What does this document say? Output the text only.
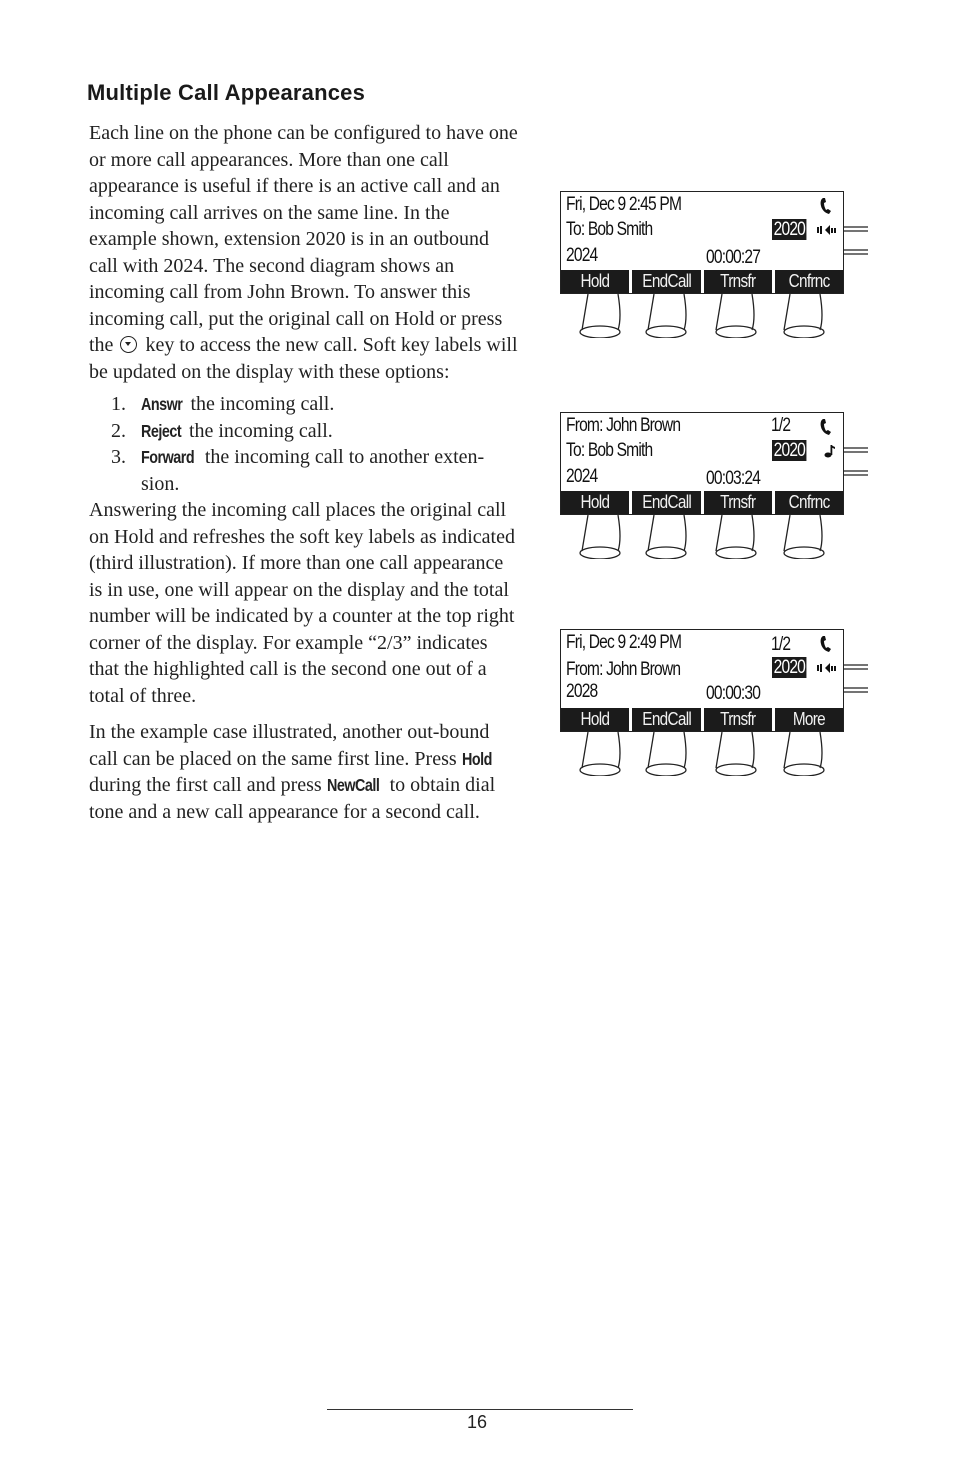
Multiple Call Appearances

Each line on the phone can be configured to have one or more call appearances. More than one call appearance is useful if there is an active call and an incoming call arrives on the same line. In the example shown, extension 2020 is in an outbound call with 2024. The second diagram shows an incoming call from John Brown. To answer this incoming call, put the original call on Hold or press the key to access the new call. Soft key labels will be updated on the display with these options:

1. Answr the incoming call.
2. Reject the incoming call.
3. Forward the incoming call to another exten-sion.

Answering the incoming call places the original call on Hold and refreshes the soft key labels as indicated (third illustration). If more than one call appearance is in use, one will appear on the display and the total number will be indicated by a counter at the top right corner of the display. For example “2/3” indicates that the highlighted call is the second one out of a total of three.

In the example case illustrated, another out-bound call can be placed on the same first line. Press Hold during the first call and press NewCall to obtain dial tone and a new call appearance for a second call.

Fri, Dec 9 2:45 PM
To: Bob Smith	2020
2024	00:00:27
Hold	EndCall	Trnsfr	Cnfrnc
From: John Brown	1/2
To: Bob Smith	2020
2024	00:03:24
Hold	EndCall	Trnsfr	Cnfrnc
Fri, Dec 9 2:49 PM	1/2
From: John Brown	2020
2028	00:00:30
Hold	EndCall	Trnsfr	More
16
